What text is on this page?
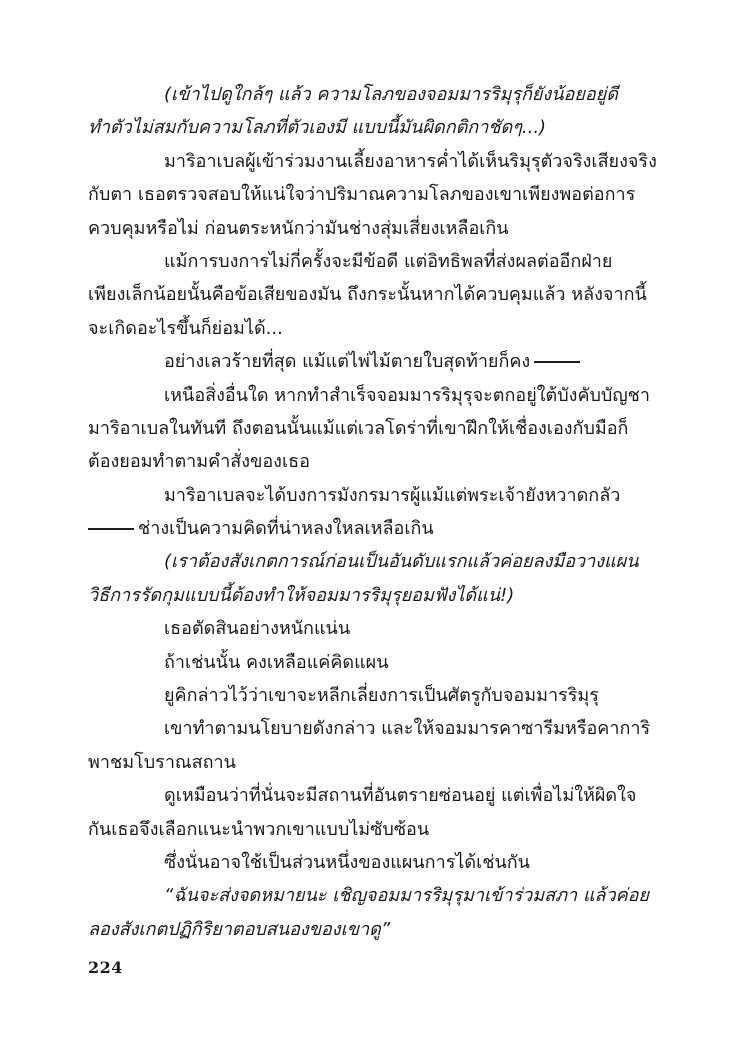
(เข้าไปดูใกล้ๆ แล้ว ความโลภของจอมมารริมุรุก็ยังน้อยอยู่ดี
ทำตัวไม่สมกับความโลภที่ตัวเองมี แบบนี้มันผิดกติกาชัดๆ...)
มาริอาเบลผู้เข้าร่วมงานเลี้ยงอาหารค่ำได้เห็นริมุรุตัวจริงเสียงจริง
กับตา เธอตรวจสอบให้แน่ใจว่าปริมาณความโลภของเขาเพียงพอต่อการ
ควบคุมหรือไม่ ก่อนตระหนักว่ามันช่างสุ่มเสี่ยงเหลือเกิน
แม้การบงการไม่กี่ครั้งจะมีข้อดี แต่อิทธิพลที่ส่งผลต่ออีกฝ่าย
เพียงเล็กน้อยนั้นคือข้อเสียของมัน ถึงกระนั้นหากได้ควบคุมแล้ว หลังจากนี้
จะเกิดอะไรขึ้นก็ย่อมได้...
อย่างเลวร้ายที่สุด แม้แต่ไพ่ไม้ตายใบสุดท้ายก็คง
เหนือสิ่งอื่นใด หากทำสำเร็จจอมมารริมุรุจะตกอยู่ใต้บังคับบัญชา
มาริอาเบลในทันที ถึงตอนนั้นแม้แต่เวลโดร่าที่เขาฝึกให้เชื่องเองกับมือก็
ต้องยอมทำตามคำสั่งของเธอ
มาริอาเบลจะได้บงการมังกรมารผู้แม้แต่พระเจ้ายังหวาดกลัว
ช่างเป็นความคิดที่น่าหลงใหลเหลือเกิน
(เราต้องสังเกตการณ์ก่อนเป็นอันดับแรกแล้วค่อยลงมือวางแผน
วิธีการรัดกุมแบบนี้ต้องทำให้จอมมารริมุรุยอมฟังได้แน่!)
เธอตัดสินอย่างหนักแน่น
ถ้าเช่นนั้น คงเหลือแค่คิดแผน
ยูคิกล่าวไว้ว่าเขาจะหลีกเลี่ยงการเป็นศัตรูกับจอมมารริมุรุ
เขาทำตามนโยบายดังกล่าว และให้จอมมารคาซารีมหรือคาการิ
พาชมโบราณสถาน
ดูเหมือนว่าที่นั่นจะมีสถานที่อันตรายซ่อนอยู่ แต่เพื่อไม่ให้ผิดใจ
กันเธอจึงเลือกแนะนำพวกเขาแบบไม่ซับซ้อน
ซึ่งนั่นอาจใช้เป็นส่วนหนึ่งของแผนการได้เช่นกัน
“ฉันจะส่งจดหมายนะ เชิญจอมมารริมุรุมาเข้าร่วมสภา แล้วค่อย
ลองสังเกตปฏิกิริยาตอบสนองของเขาดู”
224
